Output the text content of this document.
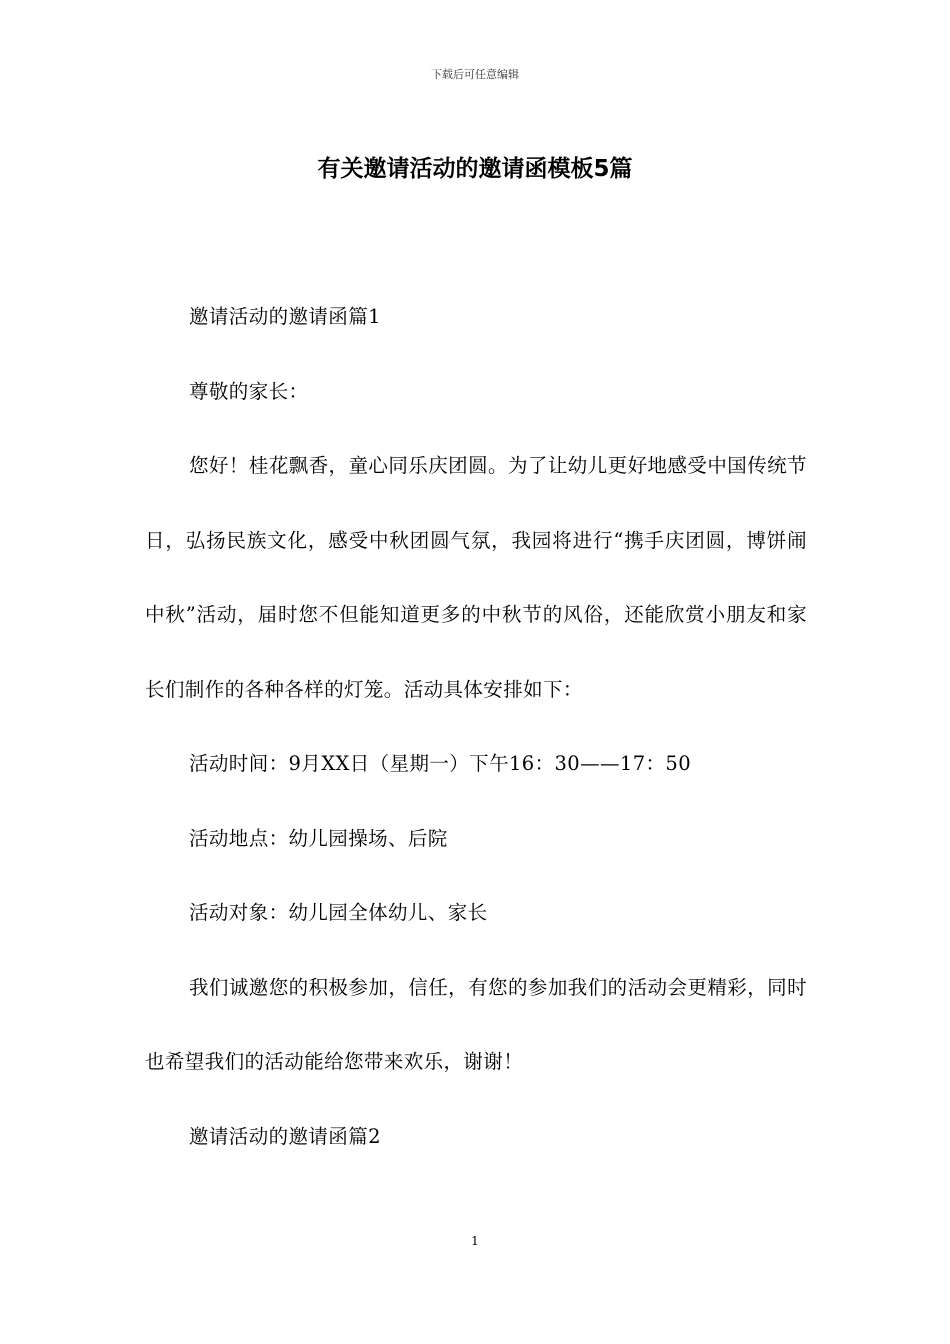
下载后可任意编辑
有关邀请活动的邀请函模板5篇

邀请活动的邀请函篇1

尊敬的家长：

您好！桂花飘香，童心同乐庆团圆。为了让幼儿更好地感受中国传统节日，弘扬民族文化，感受中秋团圆气氛，我园将进行“携手庆团圆，博饼闹中秋”活动，届时您不但能知道更多的中秋节的风俗，还能欣赏小朋友和家长们制作的各种各样的灯笼。活动具体安排如下：

活动时间：9月XX日（星期一）下午16：30——17：50

活动地点：幼儿园操场、后院

活动对象：幼儿园全体幼儿、家长

我们诚邀您的积极参加，信任，有您的参加我们的活动会更精彩，同时也希望我们的活动能给您带来欢乐，谢谢！

邀请活动的邀请函篇2

1
